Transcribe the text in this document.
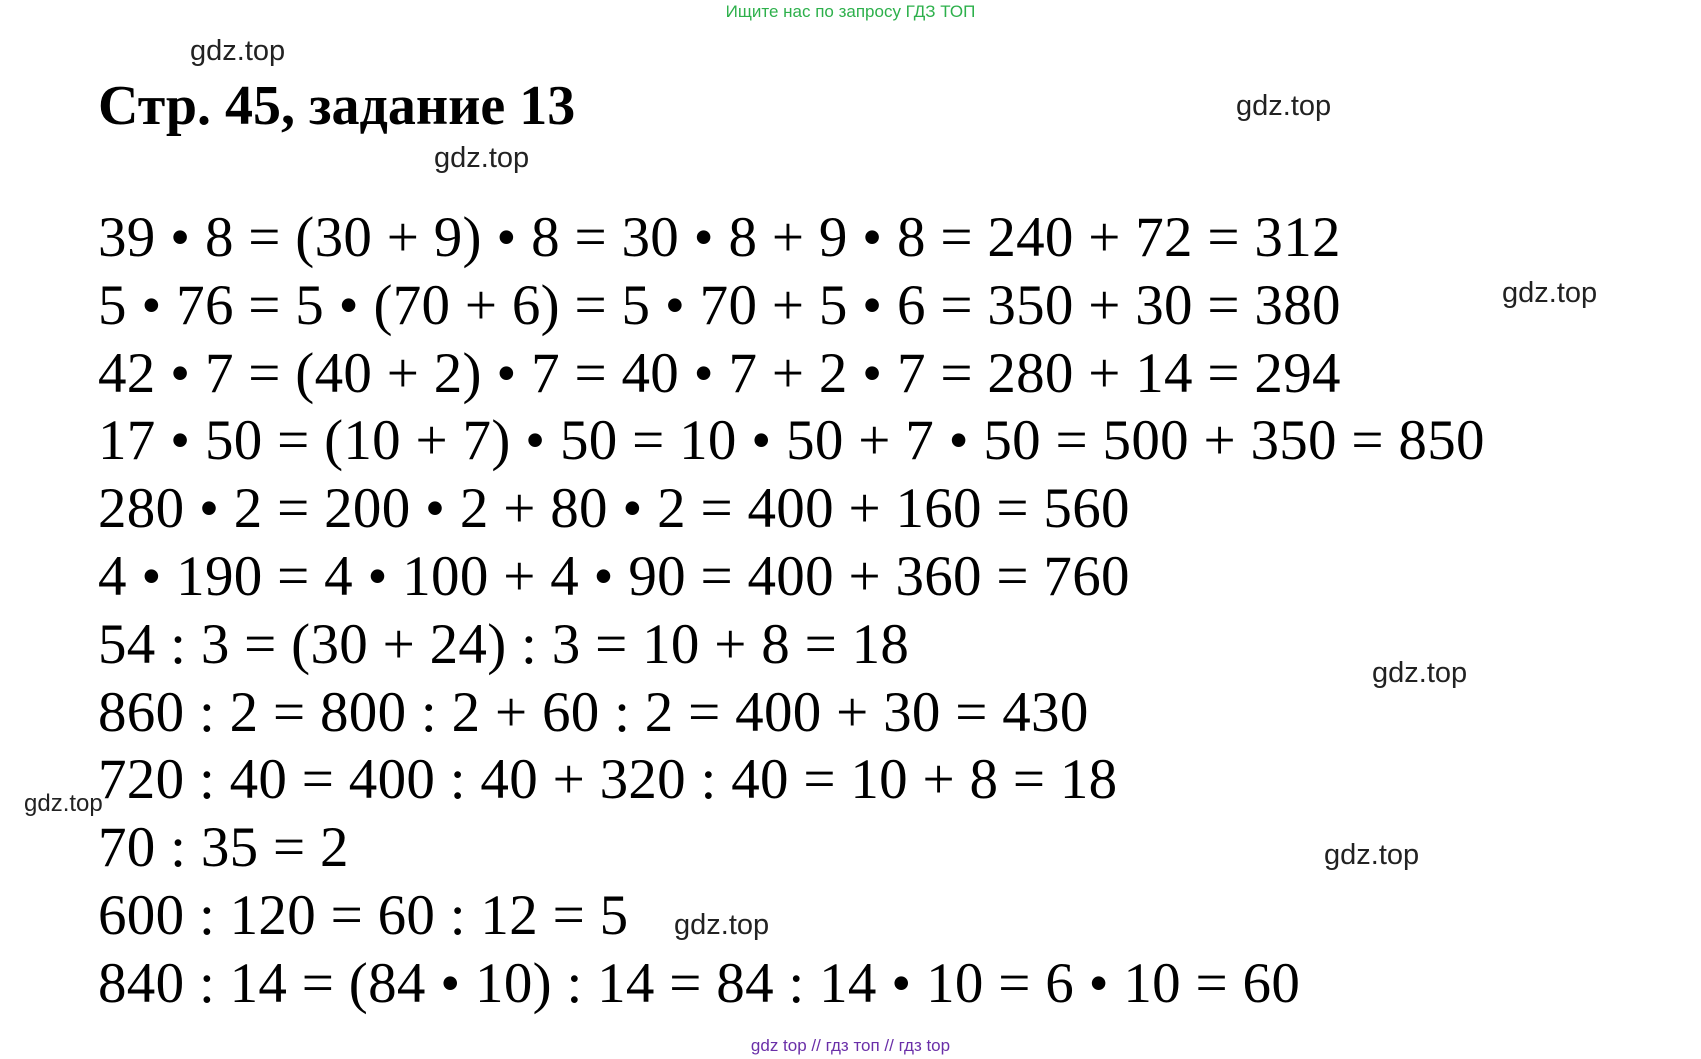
Ищите нас по запросу ГДЗ ТОП
Стр. 45, задание 13
39 • 8 = (30 + 9) • 8 = 30 • 8 + 9 • 8 = 240 + 72 = 312
5 • 76 = 5 • (70 + 6) = 5 • 70 + 5 • 6 = 350 + 30 = 380
42 • 7 = (40 + 2) • 7 = 40 • 7 + 2 • 7 = 280 + 14 = 294
17 • 50 = (10 + 7) • 50 = 10 • 50 + 7 • 50 = 500 + 350 = 850
280 • 2 = 200 • 2 + 80 • 2 = 400 + 160 = 560
4 • 190 = 4 • 100 + 4 • 90 = 400 + 360 = 760
54 : 3 = (30 + 24) : 3 = 10 + 8 = 18
860 : 2 = 800 : 2 + 60 : 2 = 400 + 30 = 430
720 : 40 = 400 : 40 + 320 : 40 = 10 + 8 = 18
70 : 35 = 2
600 : 120 = 60 : 12 = 5
840 : 14 = (84 • 10) : 14 = 84 : 14 • 10 = 6 • 10 = 60
gdz.top
gdz.top
gdz.top
gdz.top
gdz.top
gdz.top
gdz.top
gdz.top
gdz top // гдз топ // гдз top
